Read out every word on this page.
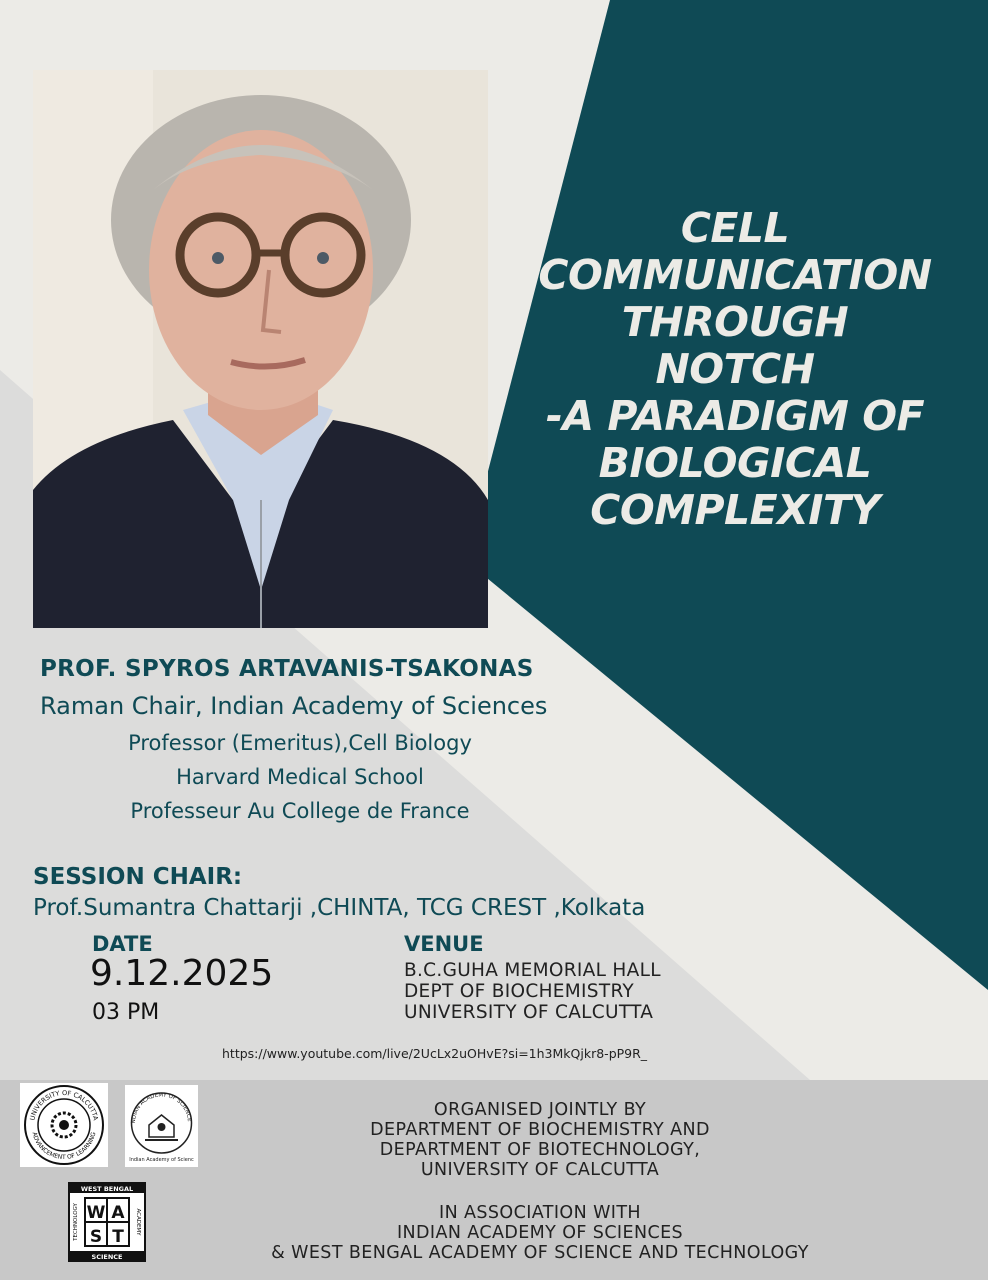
CELL
COMMUNICATION
THROUGH
NOTCH
-A PARADIGM OF
BIOLOGICAL
COMPLEXITY
PROF. SPYROS ARTAVANIS-TSAKONAS
Raman Chair, Indian Academy of Sciences
Professor (Emeritus),Cell Biology
Harvard Medical School
Professeur Au College de France
SESSION CHAIR:
Prof.Sumantra Chattarji ,CHINTA, TCG CREST ,Kolkata
DATE
9.12.2025
03 PM
VENUE
B.C.GUHA MEMORIAL HALL
DEPT OF BIOCHEMISTRY
UNIVERSITY OF CALCUTTA
https://www.youtube.com/live/2UcLx2uOHvE?si=1h3MkQjkr8-pP9R_
UNIVERSITY OF CALCUTTA
ADVANCEMENT OF LEARNING
NDIAN ACADEMY OF SCIENCE
Indian Academy of Scienc
WEST BENGAL
SCIENCE
TECHNOLOGY	ACADEMY
W A
S T
ORGANISED JOINTLY BY
DEPARTMENT OF BIOCHEMISTRY AND
DEPARTMENT OF BIOTECHNOLOGY,
UNIVERSITY OF CALCUTTA
IN ASSOCIATION WITH
INDIAN ACADEMY OF SCIENCES
& WEST BENGAL ACADEMY OF SCIENCE AND TECHNOLOGY
